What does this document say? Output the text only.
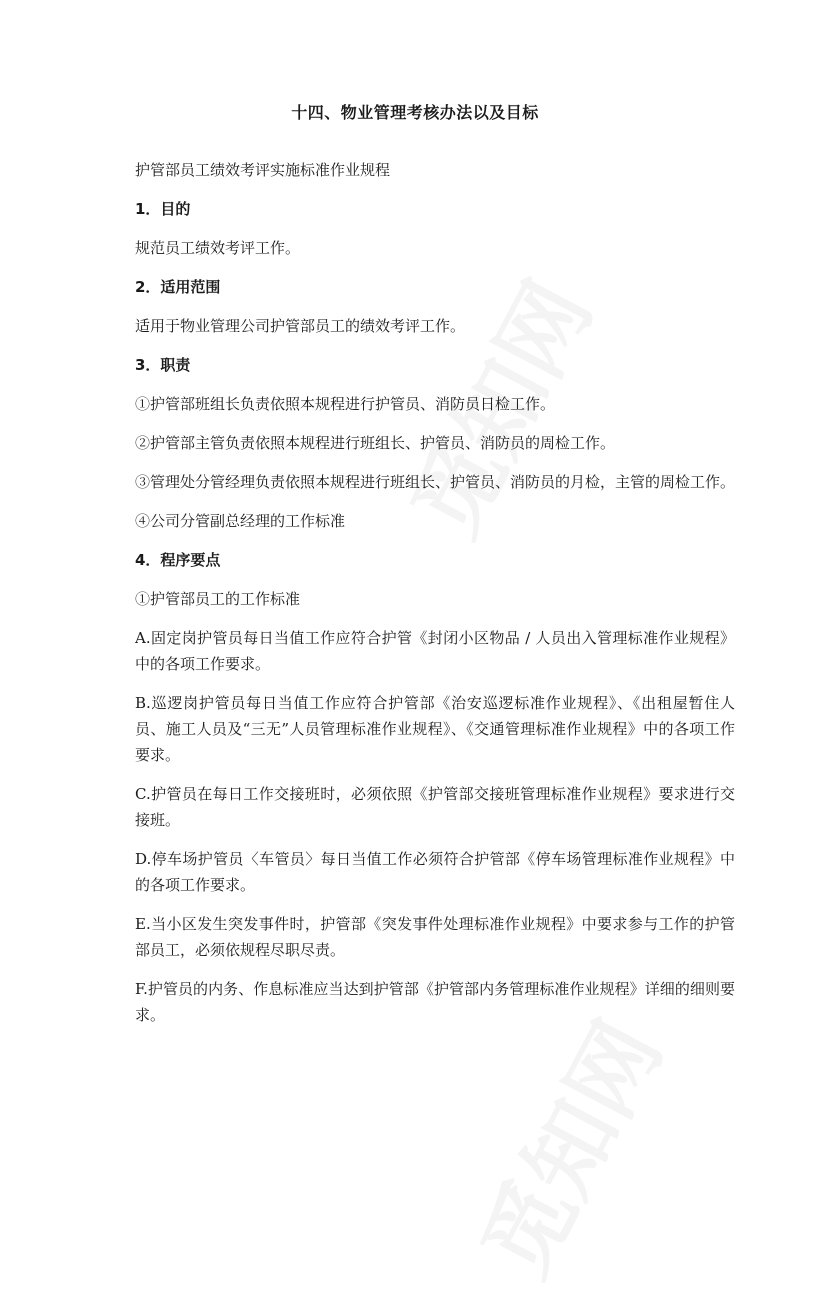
十四、物业管理考核办法以及目标

护管部员工绩效考评实施标准作业规程

1．目的

规范员工绩效考评工作。

2．适用范围

适用于物业管理公司护管部员工的绩效考评工作。

3．职责

①护管部班组长负责依照本规程进行护管员、消防员日检工作。

②护管部主管负责依照本规程进行班组长、护管员、消防员的周检工作。

③管理处分管经理负责依照本规程进行班组长、护管员、消防员的月检，主管的周检工作。

④公司分管副总经理的工作标准

4．程序要点

①护管部员工的工作标准

A.固定岗护管员每日当值工作应符合护管《封闭小区物品 / 人员出入管理标准作业规程》中的各项工作要求。

B.巡逻岗护管员每日当值工作应符合护管部《治安巡逻标准作业规程》、《出租屋暂住人员、施工人员及“三无”人员管理标准作业规程》、《交通管理标准作业规程》中的各项工作要求。

C.护管员在每日工作交接班时，必须依照《护管部交接班管理标准作业规程》要求进行交接班。

D.停车场护管员〈车管员〉每日当值工作必须符合护管部《停车场管理标准作业规程》中的各项工作要求。

E.当小区发生突发事件时，护管部《突发事件处理标准作业规程》中要求参与工作的护管部员工，必须依规程尽职尽责。

F.护管员的内务、作息标准应当达到护管部《护管部内务管理标准作业规程》详细的细则要求。
